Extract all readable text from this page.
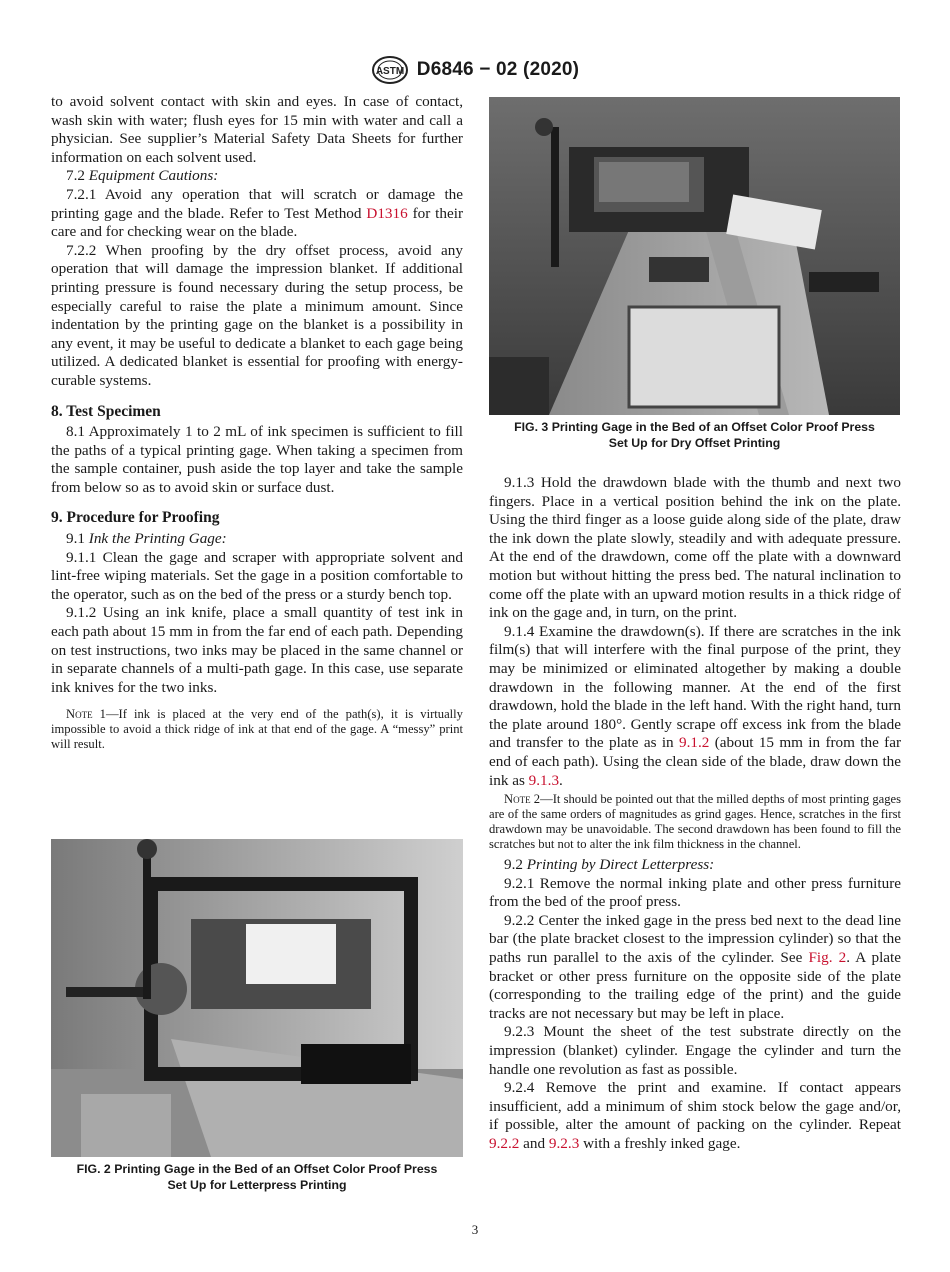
ASTM D6846 − 02 (2020)

to avoid solvent contact with skin and eyes. In case of contact, wash skin with water; flush eyes for 15 min with water and call a physician. See supplier’s Material Safety Data Sheets for further information on each solvent used.

7.2 Equipment Cautions:

7.2.1 Avoid any operation that will scratch or damage the printing gage and the blade. Refer to Test Method D1316 for their care and for checking wear on the blade.

7.2.2 When proofing by the dry offset process, avoid any operation that will damage the impression blanket. If additional printing pressure is found necessary during the setup process, be especially careful to raise the plate a minimum amount. Since indentation by the printing gage on the blanket is a possibility in any event, it may be useful to dedicate a blanket to each gage being utilized. A dedicated blanket is essential for proofing with energy-curable systems.

8. Test Specimen

8.1 Approximately 1 to 2 mL of ink specimen is sufficient to fill the paths of a typical printing gage. When taking a specimen from the sample container, push aside the top layer and take the sample from below so as to avoid skin or surface dust.

9. Procedure for Proofing

9.1 Ink the Printing Gage:

9.1.1 Clean the gage and scraper with appropriate solvent and lint-free wiping materials. Set the gage in a position comfortable to the operator, such as on the bed of the press or a sturdy bench top.

9.1.2 Using an ink knife, place a small quantity of test ink in each path about 15 mm in from the far end of each path. Depending on test instructions, two inks may be placed in the same channel or in separate channels of a multi-path gage. In this case, use separate ink knives for the two inks.

Note 1—If ink is placed at the very end of the path(s), it is virtually impossible to avoid a thick ridge of ink at that end of the gage. A “messy” print will result.

FIG. 3 Printing Gage in the Bed of an Offset Color Proof Press
Set Up for Dry Offset Printing
FIG. 2 Printing Gage in the Bed of an Offset Color Proof Press
Set Up for Letterpress Printing

9.1.3 Hold the drawdown blade with the thumb and next two fingers. Place in a vertical position behind the ink on the plate. Using the third finger as a loose guide along side of the plate, draw the ink down the plate slowly, steadily and with adequate pressure. At the end of the drawdown, come off the plate with a downward motion but without hitting the press bed. The natural inclination to come off the plate with an upward motion results in a thick ridge of ink on the gage and, in turn, on the print.

9.1.4 Examine the drawdown(s). If there are scratches in the ink film(s) that will interfere with the final purpose of the print, they may be minimized or eliminated altogether by making a double drawdown in the following manner. At the end of the first drawdown, hold the blade in the left hand. With the right hand, turn the plate around 180°. Gently scrape off excess ink from the blade and transfer to the plate as in 9.1.2 (about 15 mm in from the far end of each path). Using the clean side of the blade, draw down the ink as 9.1.3.

Note 2—It should be pointed out that the milled depths of most printing gages are of the same orders of magnitudes as grind gages. Hence, scratches in the first drawdown may be unavoidable. The second drawdown has been found to fill the scratches but not to alter the ink film thickness in the channel.

9.2 Printing by Direct Letterpress:

9.2.1 Remove the normal inking plate and other press furniture from the bed of the proof press.

9.2.2 Center the inked gage in the press bed next to the dead line bar (the plate bracket closest to the impression cylinder) so that the paths run parallel to the axis of the cylinder. See Fig. 2. A plate bracket or other press furniture on the opposite side of the plate (corresponding to the trailing edge of the print) and the guide tracks are not necessary but may be left in place.

9.2.3 Mount the sheet of the test substrate directly on the impression (blanket) cylinder. Engage the cylinder and turn the handle one revolution as fast as possible.

9.2.4 Remove the print and examine. If contact appears insufficient, add a minimum of shim stock below the gage and/or, if possible, alter the amount of packing on the cylinder. Repeat 9.2.2 and 9.2.3 with a freshly inked gage.

3
